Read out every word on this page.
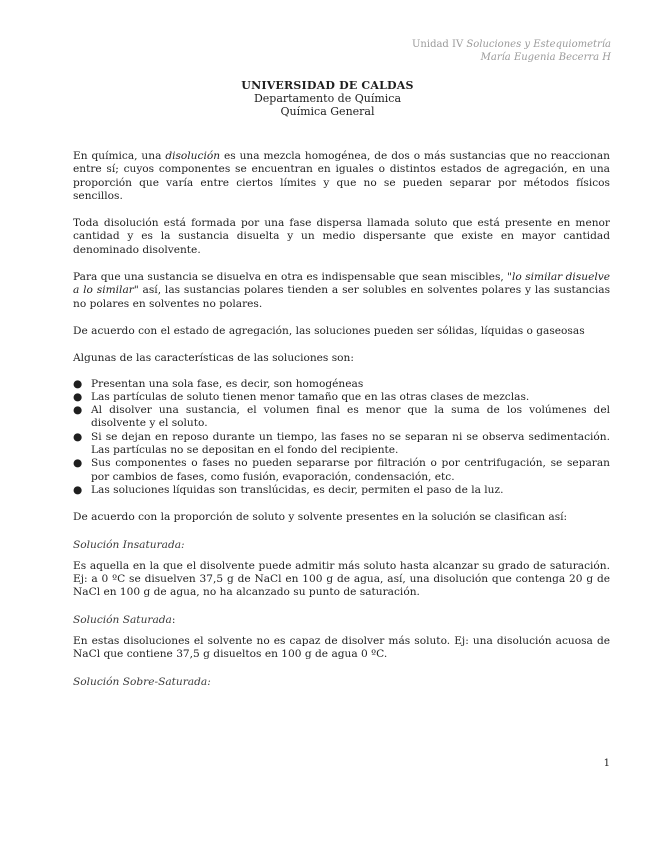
Unidad IV Soluciones y Estequiometría
María Eugenia Becerra H
UNIVERSIDAD DE CALDAS
Departamento de Química
Química General

En química, una disolución es una mezcla homogénea, de dos o más sustancias que no reaccionan entre sí; cuyos componentes se encuentran en iguales o distintos estados de agregación, en una proporción que varía entre ciertos límites y que no se pueden separar por métodos físicos sencillos.

Toda disolución está formada por una fase dispersa llamada soluto que está presente en menor cantidad y es la sustancia disuelta y un medio dispersante que existe en mayor cantidad denominado disolvente.

Para que una sustancia se disuelva en otra es indispensable que sean miscibles, "lo similar disuelve a lo similar" así, las sustancias polares tienden a ser solubles en solventes polares y las sustancias no polares en solventes no polares.

De acuerdo con el estado de agregación, las soluciones pueden ser sólidas, líquidas o gaseosas

Algunas de las características de las soluciones son:

● Presentan una sola fase, es decir, son homogéneas
● Las partículas de soluto tienen menor tamaño que en las otras clases de mezclas.
● Al disolver una sustancia, el volumen final es menor que la suma de los volúmenes del disolvente y el soluto.
● Si se dejan en reposo durante un tiempo, las fases no se separan ni se observa sedimentación. Las partículas no se depositan en el fondo del recipiente.
● Sus componentes o fases no pueden separarse por filtración o por centrifugación, se separan por cambios de fases, como fusión, evaporación, condensación, etc.
● Las soluciones líquidas son translúcidas, es decir, permiten el paso de la luz.

De acuerdo con la proporción de soluto y solvente presentes en la solución se clasifican así:

Solución Insaturada:

Es aquella en la que el disolvente puede admitir más soluto hasta alcanzar su grado de saturación. Ej: a 0 ºC se disuelven 37,5 g de NaCl en 100 g de agua, así, una disolución que contenga 20 g de NaCl en 100 g de agua, no ha alcanzado su punto de saturación.

Solución Saturada:

En estas disoluciones el solvente no es capaz de disolver más soluto. Ej: una disolución acuosa de NaCl que contiene 37,5 g disueltos en 100 g de agua 0 ºC.

Solución Sobre-Saturada:

1
